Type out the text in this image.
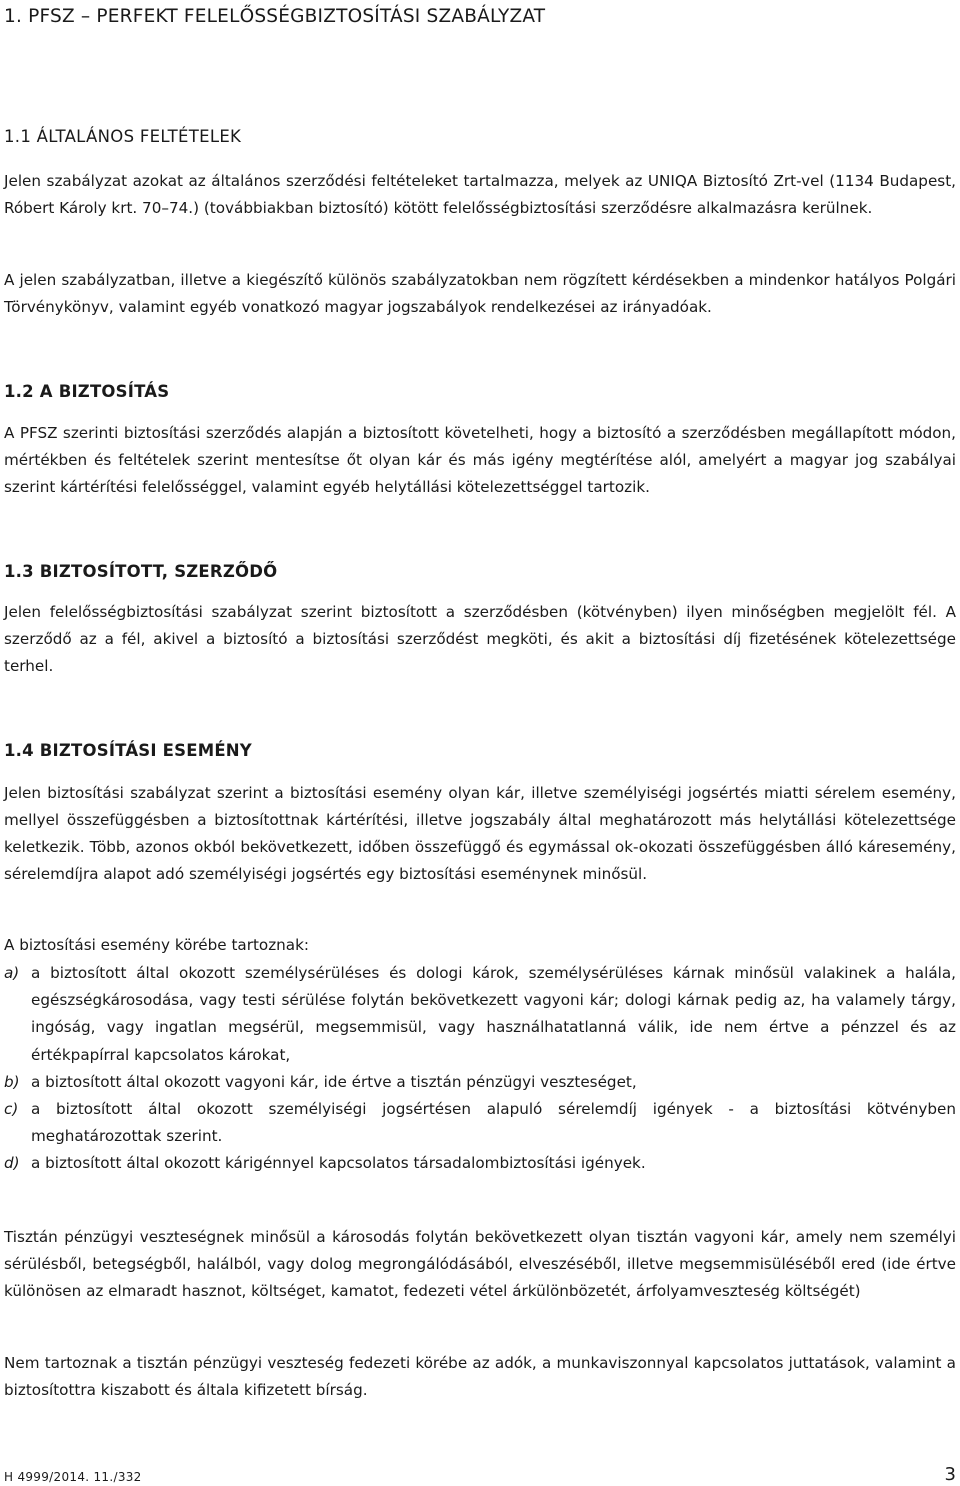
1. PFSZ – PERFEKT FELELŐSSÉGBIZTOSÍTÁSI SZABÁLYZAT
1.1 ÁLTALÁNOS FELTÉTELEK

Jelen szabályzat azokat az általános szerződési feltételeket tartalmazza, melyek az UNIQA Biztosító Zrt-vel (1134 Budapest, Róbert Károly krt. 70–74.) (továbbiakban biztosító) kötött felelősségbiztosítási szerződésre alkalmazásra kerülnek.

A jelen szabályzatban, illetve a kiegészítő különös szabályzatokban nem rögzített kérdésekben a mindenkor hatályos Polgári Törvénykönyv, valamint egyéb vonatkozó magyar jogszabályok rendelkezései az irányadóak.

1.2 A BIZTOSÍTÁS

A PFSZ szerinti biztosítási szerződés alapján a biztosított követelheti, hogy a biztosító a szerződésben megállapított módon, mértékben és feltételek szerint mentesítse őt olyan kár és más igény megtérítése alól, amelyért a magyar jog szabályai szerint kártérítési felelősséggel, valamint egyéb helytállási kötelezettséggel tartozik.

1.3 BIZTOSÍTOTT, SZERZŐDŐ

Jelen felelősségbiztosítási szabályzat szerint biztosított a szerződésben (kötvényben) ilyen minőségben megjelölt fél. A szerződő az a fél, akivel a biztosító a biztosítási szerződést megköti, és akit a biztosítási díj fizetésének kötelezettsége terhel.

1.4 BIZTOSÍTÁSI ESEMÉNY

Jelen biztosítási szabályzat szerint a biztosítási esemény olyan kár, illetve személyiségi jogsértés miatti sérelem esemény, mellyel összefüggésben a biztosítottnak kártérítési, illetve jogszabály által meghatározott más helytállási kötelezettsége keletkezik. Több, azonos okból bekövetkezett, időben összefüggő és egymással ok-okozati összefüggésben álló káresemény, sérelemdíjra alapot adó személyiségi jogsértés egy biztosítási eseménynek minősül.

A biztosítási esemény körébe tartoznak:

a) a biztosított által okozott személysérüléses és dologi károk, személysérüléses kárnak minősül valakinek a halála, egészségkárosodása, vagy testi sérülése folytán bekövetkezett vagyoni kár; dologi kárnak pedig az, ha valamely tárgy, ingóság, vagy ingatlan megsérül, megsemmisül, vagy használhatatlanná válik, ide nem értve a pénzzel és az értékpapírral kapcsolatos károkat,
b) a biztosított által okozott vagyoni kár, ide értve a tisztán pénzügyi veszteséget,
c) a biztosított által okozott személyiségi jogsértésen alapuló sérelemdíj igények - a biztosítási kötvényben meghatározottak szerint.
d) a biztosított által okozott kárigénnyel kapcsolatos társadalombiztosítási igények.

Tisztán pénzügyi veszteségnek minősül a károsodás folytán bekövetkezett olyan tisztán vagyoni kár, amely nem személyi sérülésből, betegségből, halálból, vagy dolog megrongálódásából, elveszéséből, illetve megsemmisüléséből ered (ide értve különösen az elmaradt hasznot, költséget, kamatot, fedezeti vétel árkülönbözetét, árfolyamveszteség költségét)

Nem tartoznak a tisztán pénzügyi veszteség fedezeti körébe az adók, a munkaviszonnyal kapcsolatos juttatások, valamint a biztosítottra kiszabott és általa kifizetett bírság.

H 4999/2014. 11./332	3
